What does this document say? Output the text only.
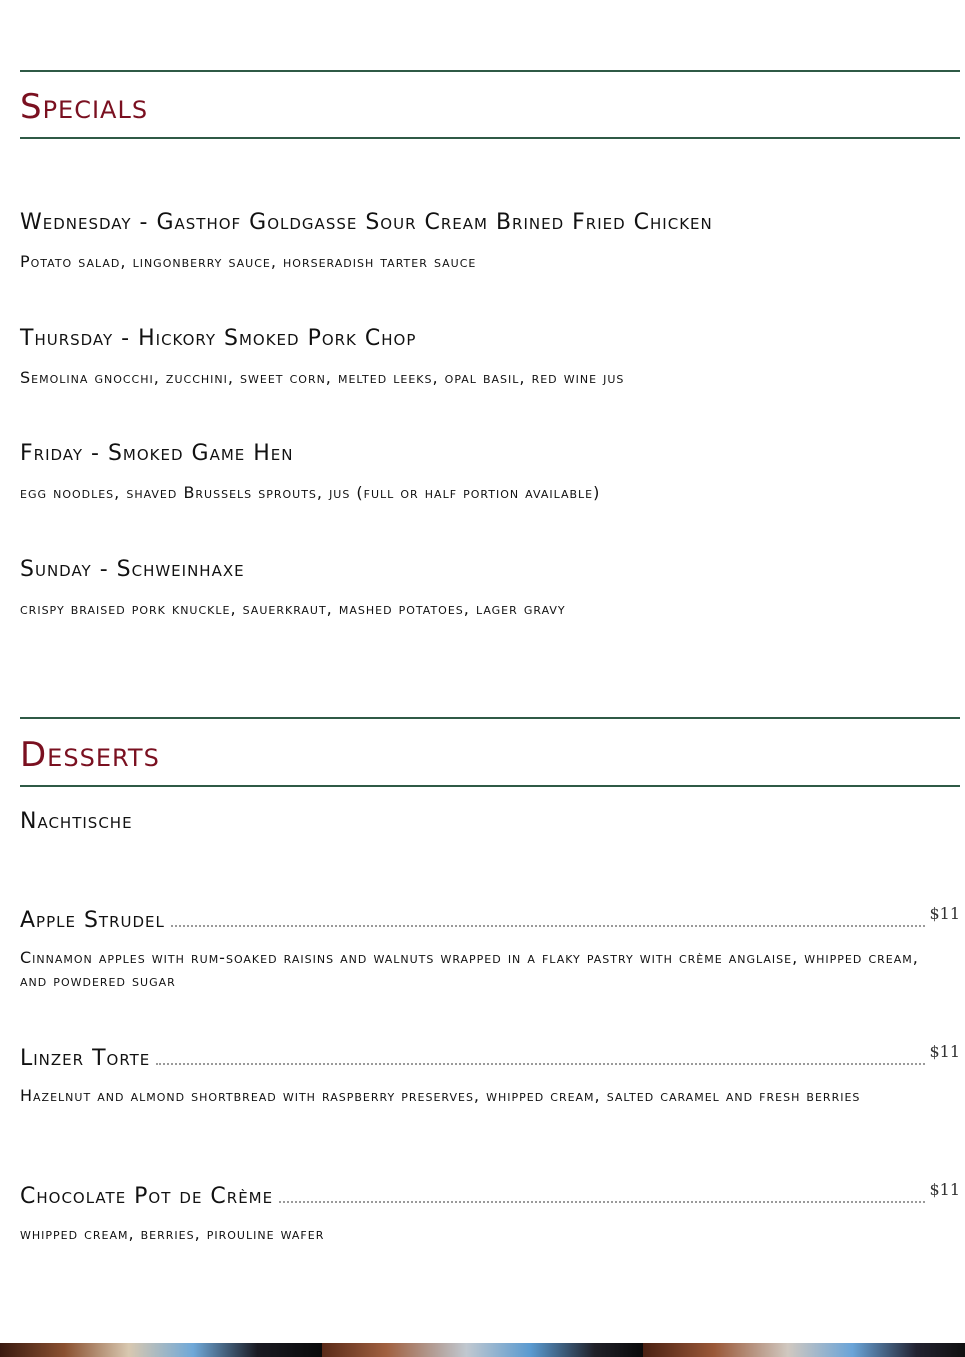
Specials
Wednesday - Gasthof Goldgasse Sour Cream Brined Fried Chicken
Potato salad, lingonberry sauce, horseradish tarter sauce
Thursday - Hickory Smoked Pork Chop
Semolina gnocchi, zucchini, sweet corn, melted leeks, opal basil, red wine jus
Friday - Smoked Game Hen
egg noodles, shaved Brussels sprouts, jus (full or half portion available)
Sunday - Schweinhaxe
crispy braised pork knuckle, sauerkraut, mashed potatoes, lager gravy
Desserts
Nachtische
Apple Strudel	$11
Cinnamon apples with rum-soaked raisins and walnuts wrapped in a flaky pastry with crème anglaise, whipped cream, and powdered sugar
Linzer Torte	$11
Hazelnut and almond shortbread with raspberry preserves, whipped cream, salted caramel and fresh berries
Chocolate Pot de Crème	$11
whipped cream, berries, pirouline wafer
